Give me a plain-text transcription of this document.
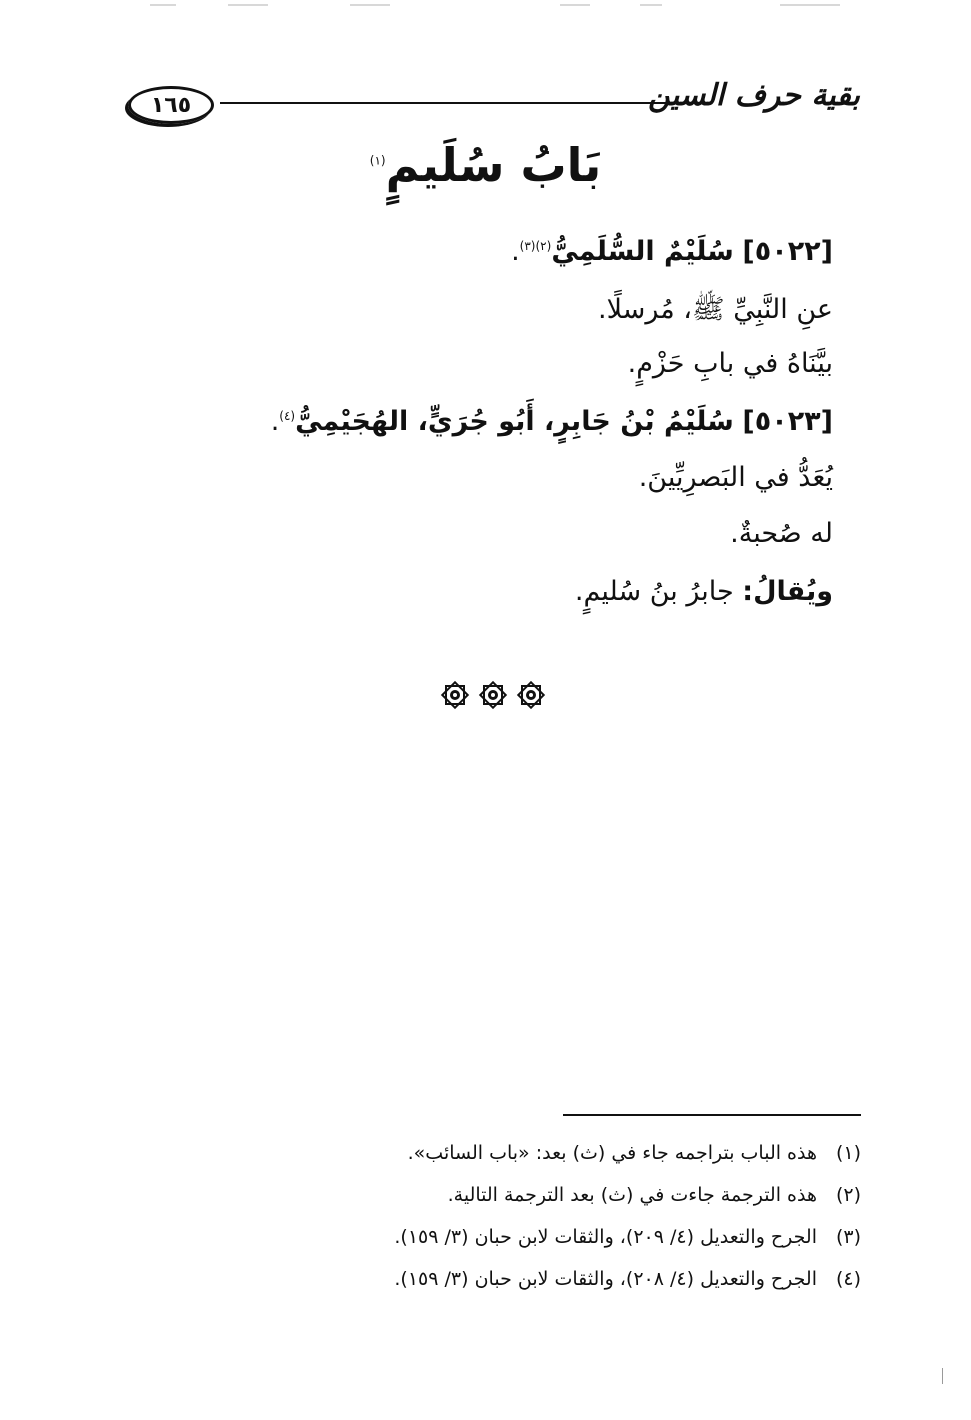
١٦٥	بقية حرف السين
بَابُ سُلَيمٍ$^{(١)}$
[٥٠٢٢] سُلَيْمٌ السُّلَمِيُّ$^{(٢)(٣)}$.
عنِ النَّبِيِّ ﷺ، مُرسلًا.
بيَّنَاهُ في بابِ حَزْمٍ.
[٥٠٢٣] سُلَيْمُ بْنُ جَابِرٍ، أَبُو جُرَيٍّ، الهُجَيْمِيُّ$^{(٤)}$.
يُعَدُّ في البَصرِيِّينَ.
له صُحبةٌ.
ويُقالُ: جابرُ بنُ سُليمٍ.
(١)هذه الباب بتراجمه جاء في (ث) بعد: «باب السائب».
(٢)هذه الترجمة جاءت في (ث) بعد الترجمة التالية.
(٣)الجرح والتعديل (٤/ ٢٠٩)، والثقات لابن حبان (٣/ ١٥٩).
(٤)الجرح والتعديل (٤/ ٢٠٨)، والثقات لابن حبان (٣/ ١٥٩).
